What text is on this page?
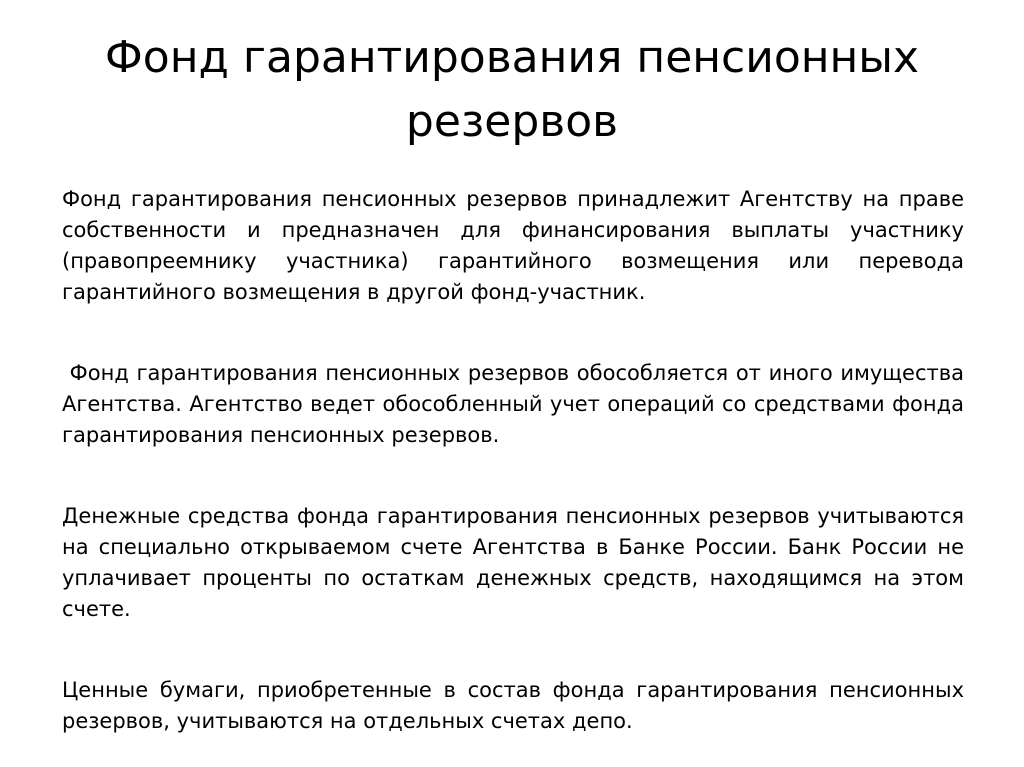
Фонд гарантирования пенсионных резервов

Фонд гарантирования пенсионных резервов принадлежит Агентству на праве собственности и предназначен для финансирования выплаты участнику (правопреемнику участника) гарантийного возмещения или перевода гарантийного возмещения в другой фонд-участник.

Фонд гарантирования пенсионных резервов обособляется от иного имущества Агентства. Агентство ведет обособленный учет операций со средствами фонда гарантирования пенсионных резервов.

Денежные средства фонда гарантирования пенсионных резервов учитываются на специально открываемом счете Агентства в Банке России. Банк России не уплачивает проценты по остаткам денежных средств, находящимся на этом счете.

Ценные бумаги, приобретенные в состав фонда гарантирования пенсионных резервов, учитываются на отдельных счетах депо.
